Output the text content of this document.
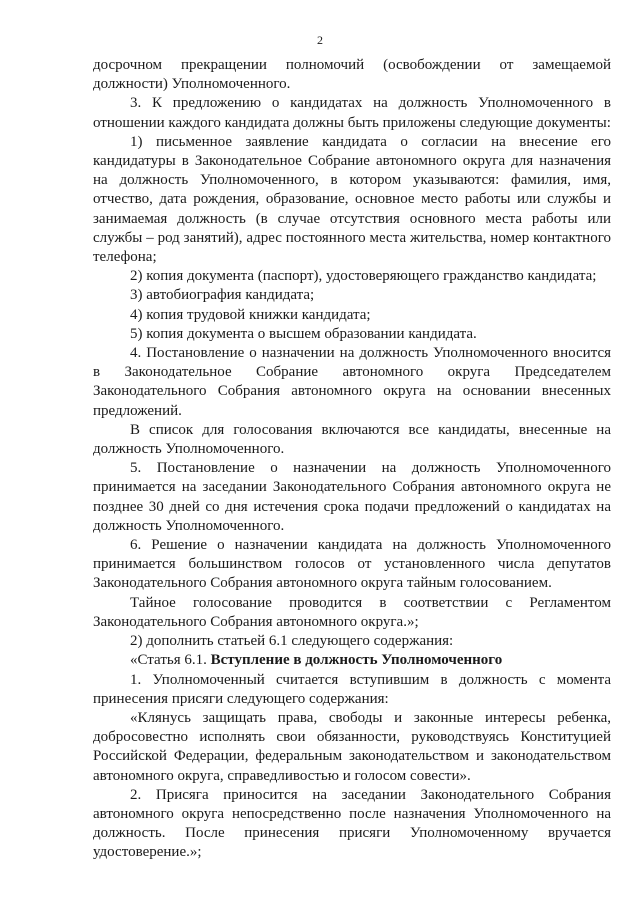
2

досрочном прекращении полномочий (освобождении от замещаемой должности) Уполномоченного.

3. К предложению о кандидатах на должность Уполномоченного в отношении каждого кандидата должны быть приложены следующие документы:

1) письменное заявление кандидата о согласии на внесение его кандидатуры в Законодательное Собрание автономного округа для назначения на должность Уполномоченного, в котором указываются: фамилия, имя, отчество, дата рождения, образование, основное место работы или службы и занимаемая должность (в случае отсутствия основного места работы или службы – род занятий), адрес постоянного места жительства, номер контактного телефона;

2) копия документа (паспорт), удостоверяющего гражданство кандидата;

3) автобиография кандидата;

4) копия трудовой книжки кандидата;

5) копия документа о высшем образовании кандидата.

4. Постановление о назначении на должность Уполномоченного вносится в Законодательное Собрание автономного округа Председателем Законодательного Собрания автономного округа на основании внесенных предложений.

В список для голосования включаются все кандидаты, внесенные на должность Уполномоченного.

5. Постановление о назначении на должность Уполномоченного принимается на заседании Законодательного Собрания автономного округа не позднее 30 дней со дня истечения срока подачи предложений о кандидатах на должность Уполномоченного.

6. Решение о назначении кандидата на должность Уполномоченного принимается большинством голосов от установленного числа депутатов Законодательного Собрания автономного округа тайным голосованием.

Тайное голосование проводится в соответствии с Регламентом Законодательного Собрания автономного округа.»;

2) дополнить статьей 6.1 следующего содержания:

«Статья 6.1. Вступление в должность Уполномоченного

1. Уполномоченный считается вступившим в должность с момента принесения присяги следующего содержания:

«Клянусь защищать права, свободы и законные интересы ребенка, добросовестно исполнять свои обязанности, руководствуясь Конституцией Российской Федерации, федеральным законодательством и законодательством автономного округа, справедливостью и голосом совести».

2. Присяга приносится на заседании Законодательного Собрания автономного округа непосредственно после назначения Уполномоченного на должность. После принесения присяги Уполномоченному вручается удостоверение.»;
